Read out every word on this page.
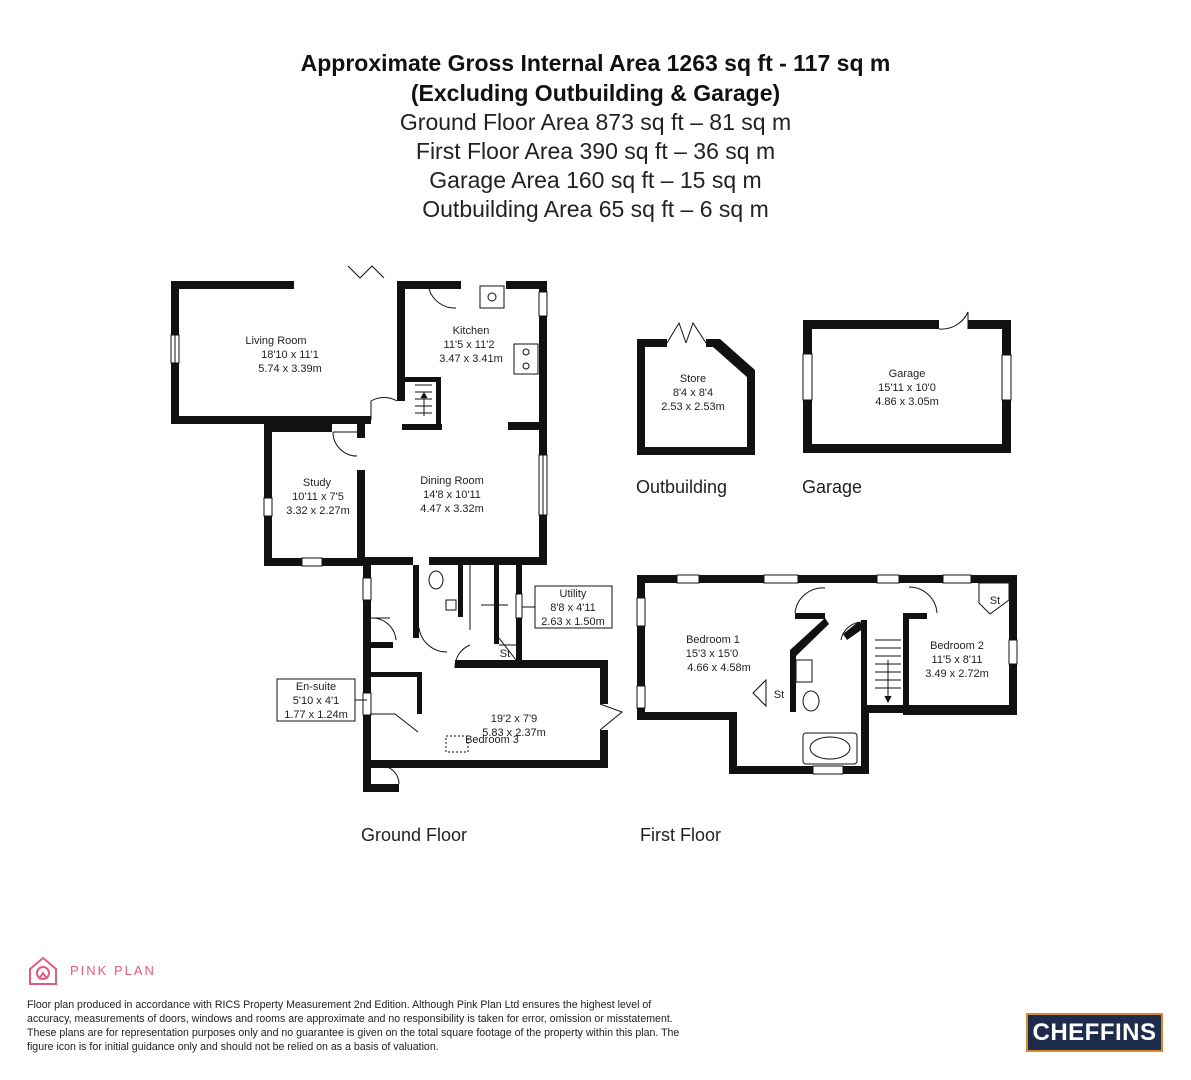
Approximate Gross Internal Area 1263 sq ft - 117 sq m
(Excluding Outbuilding & Garage)
Ground Floor Area 873 sq ft – 81 sq m
First Floor Area 390 sq ft – 36 sq m
Garage Area 160 sq ft – 15 sq m
Outbuilding Area 65 sq ft – 6 sq m
Living Room
18'10 x 11'1
5.74 x 3.39m
Kitchen
11'5 x 11'2
3.47 x 3.41m
Study
10'11 x 7'5
3.32 x 2.27m
Dining Room
14'8 x 10'11
4.47 x 3.32m
Bedroom 3
19'2 x 7'9
5.83 x 2.37m
Store
8'4 x 8'4
2.53 x 2.53m
Garage
15'11 x 10'0
4.86 x 3.05m
Bedroom 1
15'3 x 15'0
4.66 x 4.58m
Bedroom 2
11'5 x 8'11
3.49 x 2.72m
St
St
St
Utility
8'8 x 4'11
2.63 x 1.50m
En-suite
5'10 x 4'1
1.77 x 1.24m
Outbuilding	Garage
Ground Floor	First Floor
PINK PLAN
Floor plan produced in accordance with RICS Property Measurement 2nd Edition. Although Pink Plan Ltd ensures the highest level of accuracy, measurements of doors, windows and rooms are approximate and no responsibility is taken for error, omission or misstatement. These plans are for representation purposes only and no guarantee is given on the total square footage of the property within this plan. The figure icon is for initial guidance only and should not be relied on as a basis of valuation.
CHEFFINS
